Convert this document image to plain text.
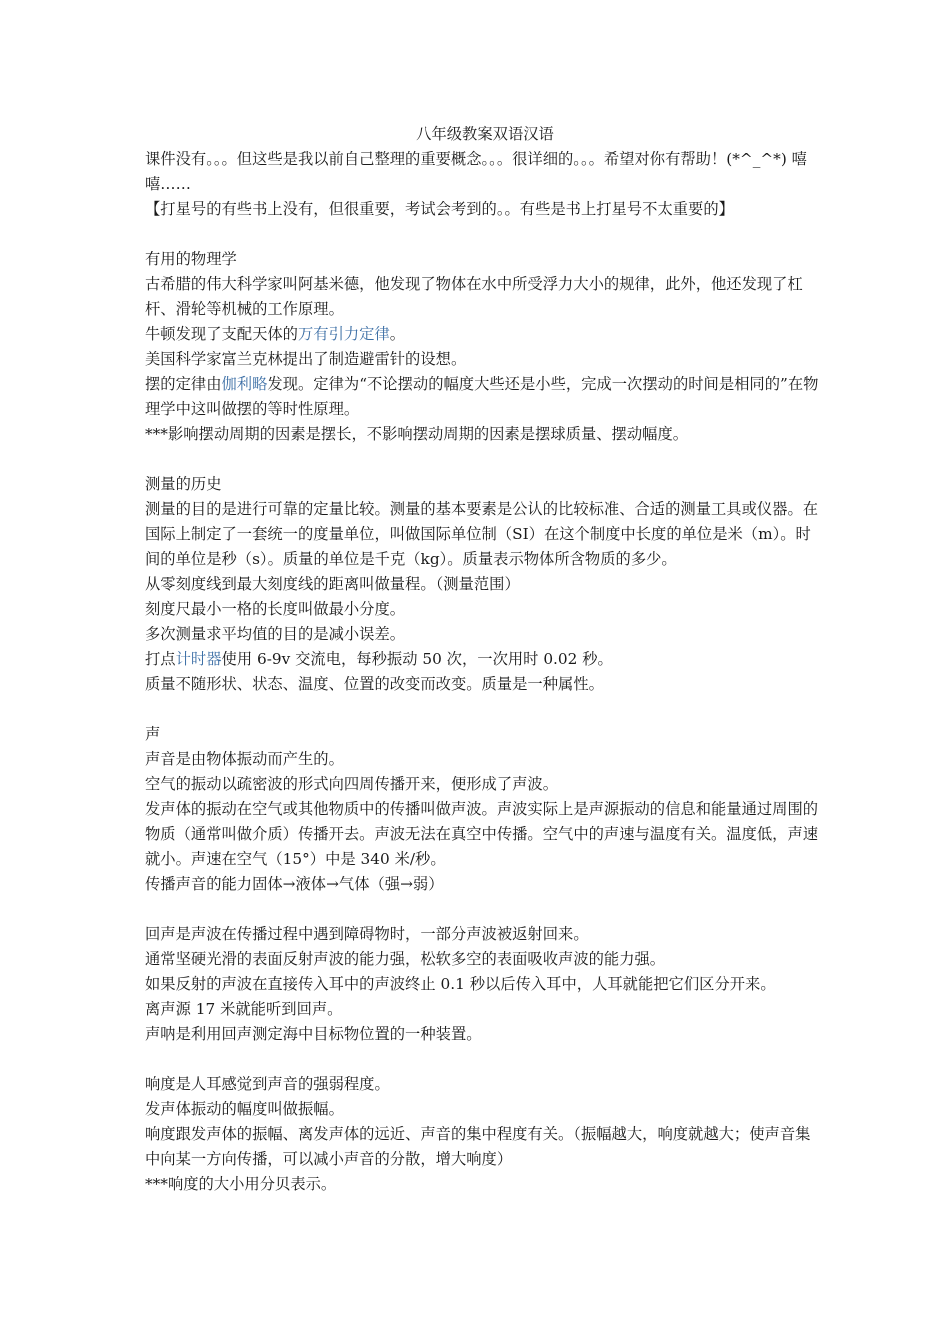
八年级教案双语汉语

课件没有。。。但这些是我以前自己整理的重要概念。。。很详细的。。。希望对你有帮助！(*^_^*) 嘻嘻……

【打星号的有些书上没有，但很重要，考试会考到的。。有些是书上打星号不太重要的】

有用的物理学

古希腊的伟大科学家叫阿基米德，他发现了物体在水中所受浮力大小的规律，此外，他还发现了杠杆、滑轮等机械的工作原理。

牛顿发现了支配天体的万有引力定律。

美国科学家富兰克林提出了制造避雷针的设想。

摆的定律由伽利略发现。定律为“不论摆动的幅度大些还是小些，完成一次摆动的时间是相同的”在物理学中这叫做摆的等时性原理。

***影响摆动周期的因素是摆长，不影响摆动周期的因素是摆球质量、摆动幅度。

测量的历史

测量的目的是进行可靠的定量比较。测量的基本要素是公认的比较标准、合适的测量工具或仪器。在国际上制定了一套统一的度量单位，叫做国际单位制（SI）在这个制度中长度的单位是米（m）。时间的单位是秒（s）。质量的单位是千克（kg）。质量表示物体所含物质的多少。

从零刻度线到最大刻度线的距离叫做量程。（测量范围）

刻度尺最小一格的长度叫做最小分度。

多次测量求平均值的目的是减小误差。

打点计时器使用 6-9v 交流电，每秒振动 50 次，一次用时 0.02 秒。

质量不随形状、状态、温度、位置的改变而改变。质量是一种属性。

声

声音是由物体振动而产生的。

空气的振动以疏密波的形式向四周传播开来，便形成了声波。

发声体的振动在空气或其他物质中的传播叫做声波。声波实际上是声源振动的信息和能量通过周围的物质（通常叫做介质）传播开去。声波无法在真空中传播。空气中的声速与温度有关。温度低，声速就小。声速在空气（15°）中是 340 米/秒。

传播声音的能力固体→液体→气体（强→弱）

回声是声波在传播过程中遇到障碍物时，一部分声波被返射回来。

通常坚硬光滑的表面反射声波的能力强，松软多空的表面吸收声波的能力强。

如果反射的声波在直接传入耳中的声波终止 0.1 秒以后传入耳中，人耳就能把它们区分开来。

离声源 17 米就能听到回声。

声呐是利用回声测定海中目标物位置的一种装置。

响度是人耳感觉到声音的强弱程度。

发声体振动的幅度叫做振幅。

响度跟发声体的振幅、离发声体的远近、声音的集中程度有关。（振幅越大，响度就越大；使声音集中向某一方向传播，可以减小声音的分散，增大响度）

***响度的大小用分贝表示。
